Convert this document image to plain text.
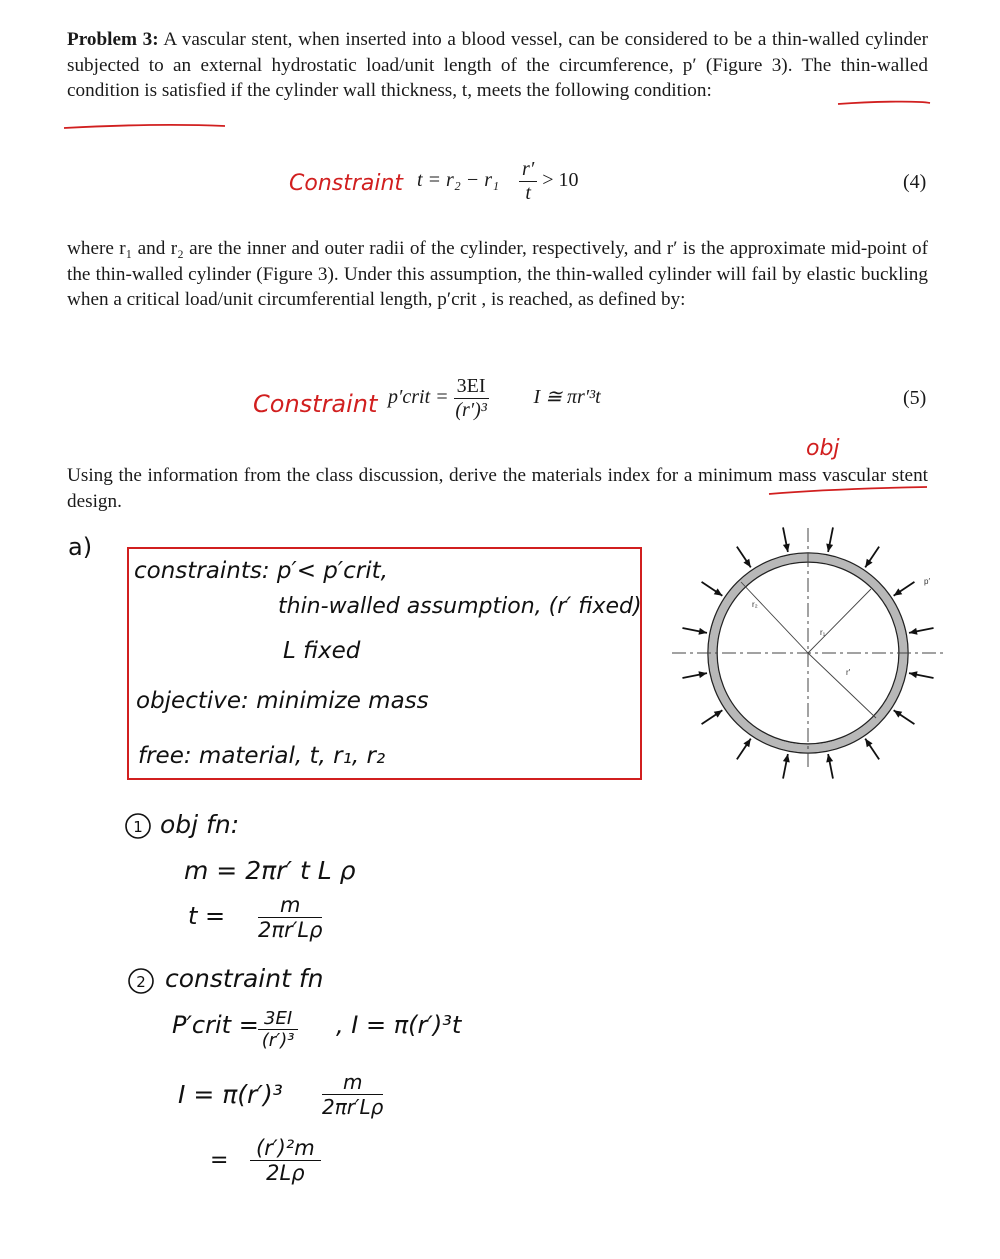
Problem 3: A vascular stent, when inserted into a blood vessel, can be considered to be a thin-walled cylinder subjected to an external hydrostatic load/unit length of the circumference, p′ (Figure 3). The thin-walled condition is satisfied if the cylinder wall thickness, t, meets the following condition:
Constraint $t = r_2 - r_1 \frac{r'}{t} > 10$	(4)
where r₁ and r₂ are the inner and outer radii of the cylinder, respectively, and r′ is the approximate mid-point of the thin-walled cylinder (Figure 3). Under this assumption, the thin-walled cylinder will fail by elastic buckling when a critical load/unit circumferential length, p′crit , is reached, as defined by:
Constraint p′crit = $\frac{3EI}{\text{(r′)³}}$ I ≅ πr′³t	(5)
obj
Using the information from the class discussion, derive the materials index for a minimum mass vascular stent design.
a)
constraints: p′< p′crit,
thin-walled assumption, (r′ fixed)
L fixed
objective: minimize mass
free: material, t, r₁, r₂
r₂
r₁
r′
p′
1 obj fn:
m = 2πr′ t L ρ
$t = \frac{m}{2\pi r'L\rho}$
2 constraint fn
P′crit = $\frac{3EI}{\text{(r′)³}}$ , I = π(r′)³t
$I = \pi(r')^3 \frac{m}{2\pi r'L\rho}$
= $\frac{\text{(r′)²m}}{2L\rho}$
